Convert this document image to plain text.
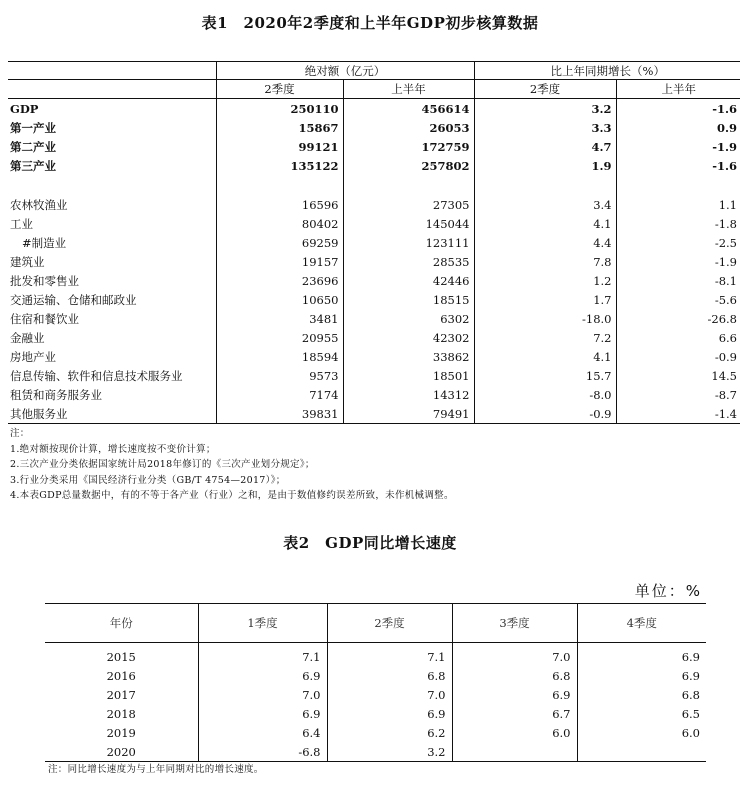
表1　2020年2季度和上半年GDP初步核算数据
	绝对额（亿元）		比上年同期增长（%）	
	2季度	上半年	2季度	上半年
GDP	250110	456614	3.2	-1.6
第一产业	15867	26053	3.3	0.9
第二产业	99121	172759	4.7	-1.9
第三产业	135122	257802	1.9	-1.6

农林牧渔业	16596	27305	3.4	1.1
工业	80402	145044	4.1	-1.8
#制造业	69259	123111	4.4	-2.5
建筑业	19157	28535	7.8	-1.9
批发和零售业	23696	42446	1.2	-8.1
交通运输、仓储和邮政业	10650	18515	1.7	-5.6
住宿和餐饮业	3481	6302	-18.0	-26.8
金融业	20955	42302	7.2	6.6
房地产业	18594	33862	4.1	-0.9
信息传输、软件和信息技术服务业	9573	18501	15.7	14.5
租赁和商务服务业	7174	14312	-8.0	-8.7
其他服务业	39831	79491	-0.9	-1.4
注：
1.绝对额按现价计算，增长速度按不变价计算；
2.三次产业分类依据国家统计局2018年修订的《三次产业划分规定》；
3.行业分类采用《国民经济行业分类（GB/T 4754—2017）》；
4.本表GDP总量数据中，有的不等于各产业（行业）之和，是由于数值修约误差所致，未作机械调整。
表2　GDP同比增长速度
单位：%
年份	1季度	2季度	3季度	4季度
2015	7.1	7.1	7.0	6.9
2016	6.9	6.8	6.8	6.9
2017	7.0	7.0	6.9	6.8
2018	6.9	6.9	6.7	6.5
2019	6.4	6.2	6.0	6.0
2020	-6.8	3.2		
注：同比增长速度为与上年同期对比的增长速度。
